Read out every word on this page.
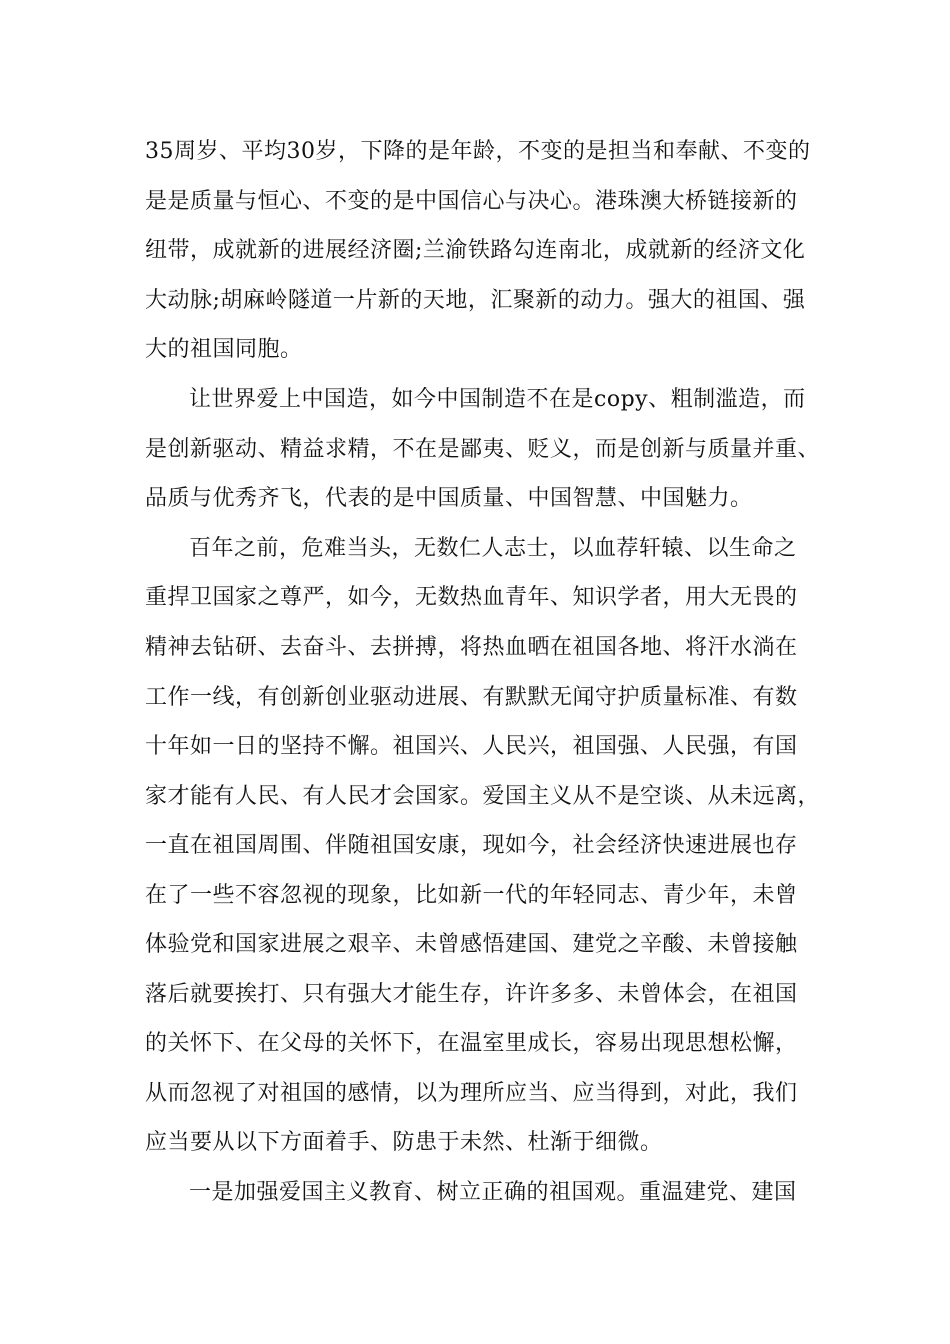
35周岁、平均30岁，下降的是年龄，不变的是担当和奉献、不变的
是是质量与恒心、不变的是中国信心与决心。港珠澳大桥链接新的
纽带，成就新的进展经济圈;兰渝铁路勾连南北，成就新的经济文化
大动脉;胡麻岭隧道一片新的天地，汇聚新的动力。强大的祖国、强
大的祖国同胞。
让世界爱上中国造，如今中国制造不在是copy、粗制滥造，而
是创新驱动、精益求精，不在是鄙夷、贬义，而是创新与质量并重、
品质与优秀齐飞，代表的是中国质量、中国智慧、中国魅力。
百年之前，危难当头，无数仁人志士，以血荐轩辕、以生命之
重捍卫国家之尊严，如今，无数热血青年、知识学者，用大无畏的
精神去钻研、去奋斗、去拼搏，将热血晒在祖国各地、将汗水淌在
工作一线，有创新创业驱动进展、有默默无闻守护质量标准、有数
十年如一日的坚持不懈。祖国兴、人民兴，祖国强、人民强，有国
家才能有人民、有人民才会国家。爱国主义从不是空谈、从未远离，
一直在祖国周围、伴随祖国安康，现如今，社会经济快速进展也存
在了一些不容忽视的现象，比如新一代的年轻同志、青少年，未曾
体验党和国家进展之艰辛、未曾感悟建国、建党之辛酸、未曾接触
落后就要挨打、只有强大才能生存，许许多多、未曾体会，在祖国
的关怀下、在父母的关怀下，在温室里成长，容易出现思想松懈，
从而忽视了对祖国的感情，以为理所应当、应当得到，对此，我们
应当要从以下方面着手、防患于未然、杜渐于细微。
一是加强爱国主义教育、树立正确的祖国观。重温建党、建国
